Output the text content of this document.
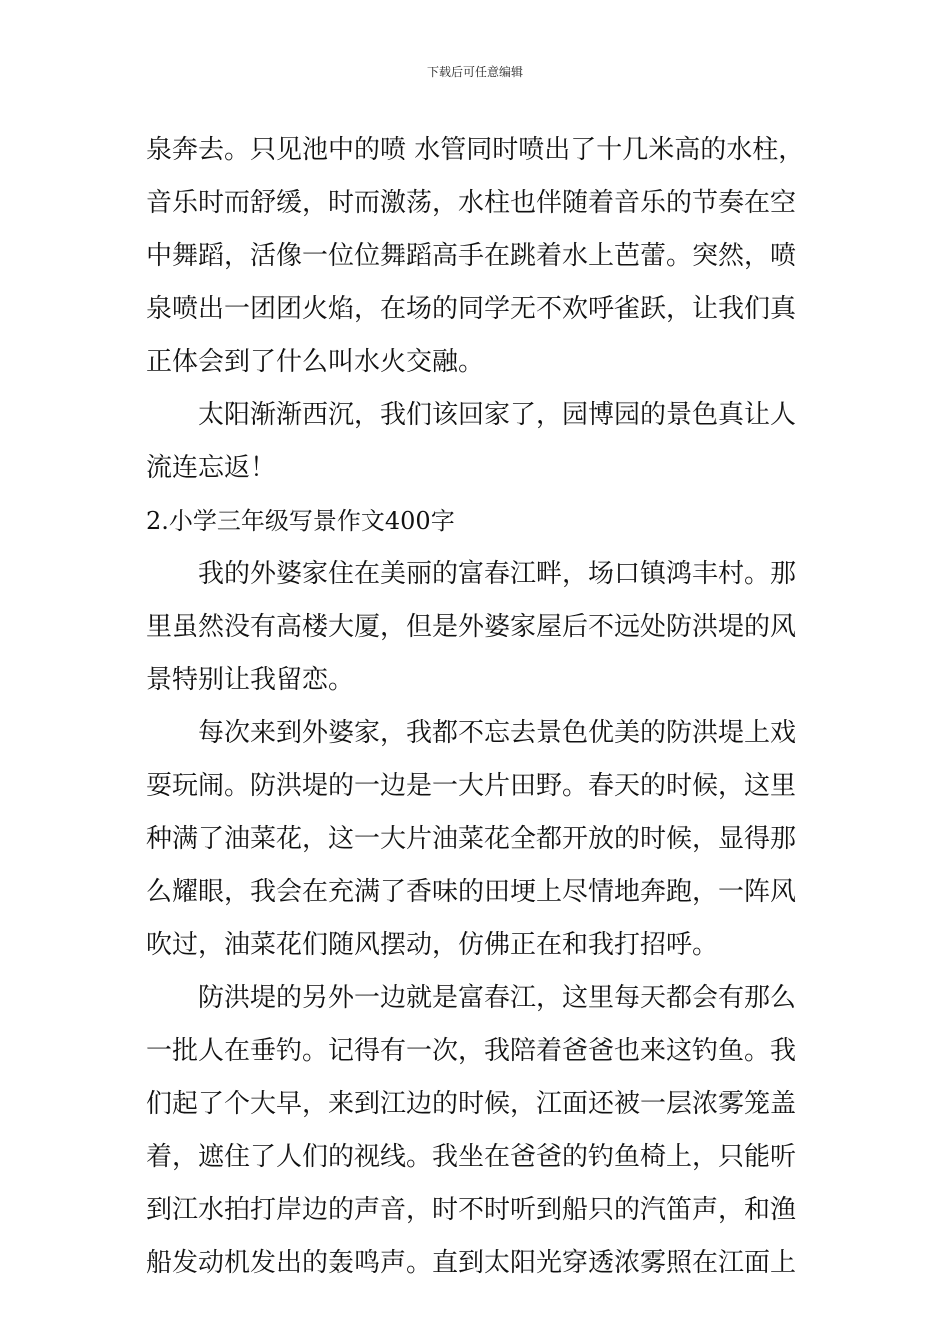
下载后可任意编辑
泉奔去。只见池中的喷 水管同时喷出了十几米高的水柱，
音乐时而舒缓，时而激荡，水柱也伴随着音乐的节奏在空
中舞蹈，活像一位位舞蹈高手在跳着水上芭蕾。突然，喷
泉喷出一团团火焰，在场的同学无不欢呼雀跃，让我们真
正体会到了什么叫水火交融。
太阳渐渐西沉，我们该回家了，园博园的景色真让人
流连忘返！
2.小学三年级写景作文400字
我的外婆家住在美丽的富春江畔，场口镇鸿丰村。那
里虽然没有高楼大厦，但是外婆家屋后不远处防洪堤的风
景特别让我留恋。
每次来到外婆家，我都不忘去景色优美的防洪堤上戏
耍玩闹。防洪堤的一边是一大片田野。春天的时候，这里
种满了油菜花，这一大片油菜花全都开放的时候，显得那
么耀眼，我会在充满了香味的田埂上尽情地奔跑，一阵风
吹过，油菜花们随风摆动，仿佛正在和我打招呼。
防洪堤的另外一边就是富春江，这里每天都会有那么
一批人在垂钓。记得有一次，我陪着爸爸也来这钓鱼。我
们起了个大早，来到江边的时候，江面还被一层浓雾笼盖
着，遮住了人们的视线。我坐在爸爸的钓鱼椅上，只能听
到江水拍打岸边的声音，时不时听到船只的汽笛声，和渔
船发动机发出的轰鸣声。直到太阳光穿透浓雾照在江面上
